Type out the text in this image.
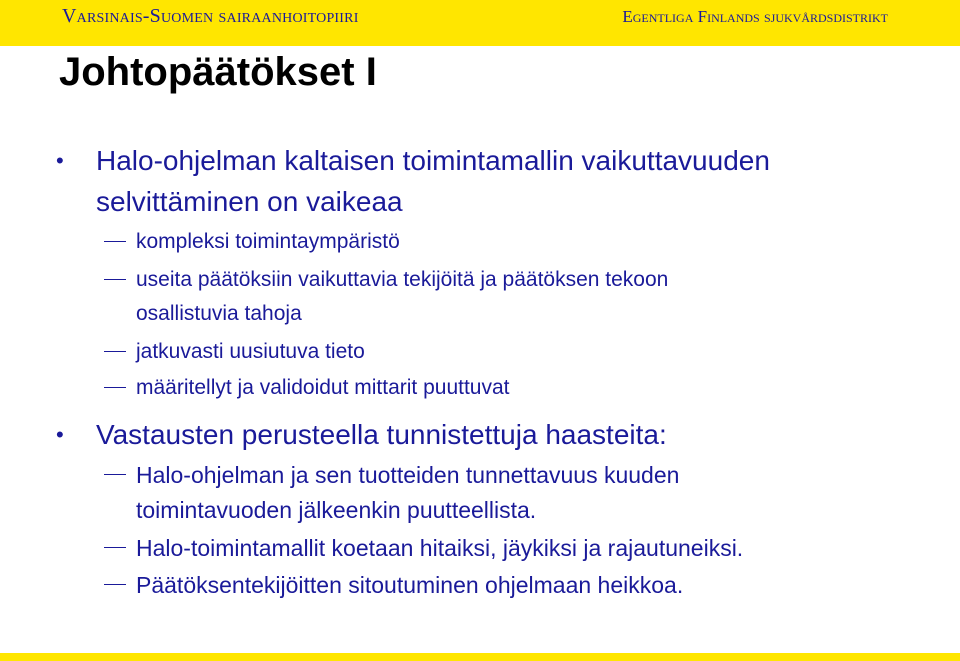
Varsinais-Suomen sairaanhoitopiiri	Egentliga Finlands sjukvårdsdistrikt
Johtopäätökset I
•	Halo-ohjelman kaltaisen toimintamallin vaikuttavuuden
selvittäminen on vaikeaa
kompleksi toimintaympäristö
useita päätöksiin vaikuttavia tekijöitä ja päätöksen tekoon
osallistuvia tahoja
jatkuvasti uusiutuva tieto
määritellyt ja validoidut mittarit puuttuvat
•	Vastausten perusteella tunnistettuja haasteita:
Halo-ohjelman ja sen tuotteiden tunnettavuus kuuden
toimintavuoden jälkeenkin puutteellista.
Halo-toimintamallit koetaan hitaiksi, jäykiksi ja rajautuneiksi.
Päätöksentekijöitten sitoutuminen ohjelmaan heikkoa.
